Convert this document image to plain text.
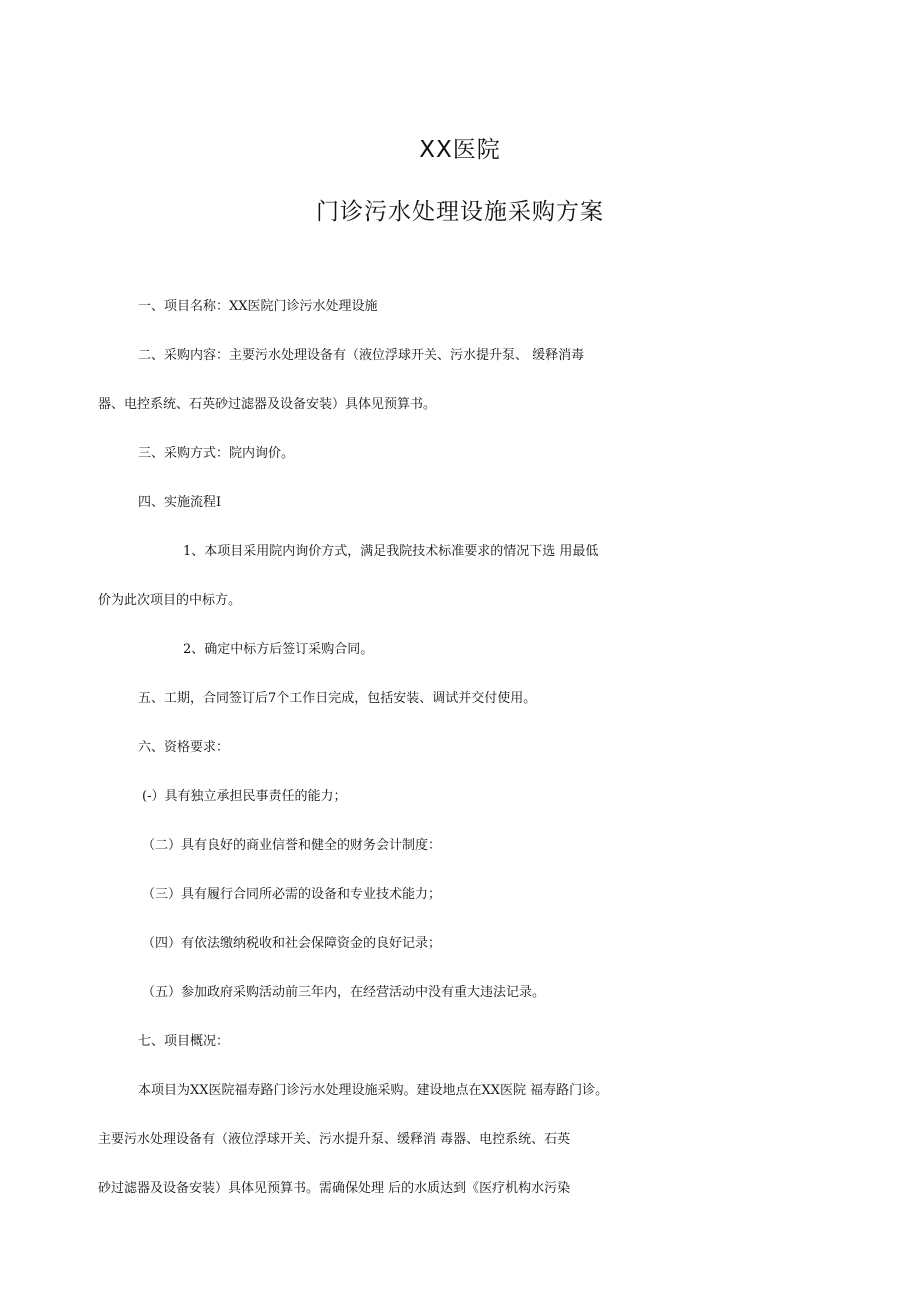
XX医院
门诊污水处理设施采购方案

一、项目名称：XX医院门诊污水处理设施

二、采购内容：主要污水处理设备有（液位浮球开关、污水提升泵、 缓释消毒

器、电控系统、石英砂过滤器及设备安装）具体见预算书。

三、采购方式：院内询价。

四、实施流程I

1、本项目采用院内询价方式，满足我院技术标准要求的情况下选 用最低

价为此次项目的中标方。

2、确定中标方后签订采购合同。

五、工期，合同签订后7个工作日完成，包括安装、调试并交付使用。

六、资格要求：

(-）具有独立承担民事责任的能力；

（二）具有良好的商业信誉和健全的财务会计制度：

（三）具有履行合同所必需的设备和专业技术能力；

（四）有依法缴纳税收和社会保障资金的良好记录；

（五）参加政府采购活动前三年内，在经营活动中没有重大违法记录。

七、项目概况：

本项目为XX医院福寿路门诊污水处理设施采购。建设地点在XX医院 福寿路门诊。

主要污水处理设备有（液位浮球开关、污水提升泵、缓释消 毒器、电控系统、石英

砂过滤器及设备安装）具体见预算书。需确保处理 后的水质达到《医疗机构水污染
